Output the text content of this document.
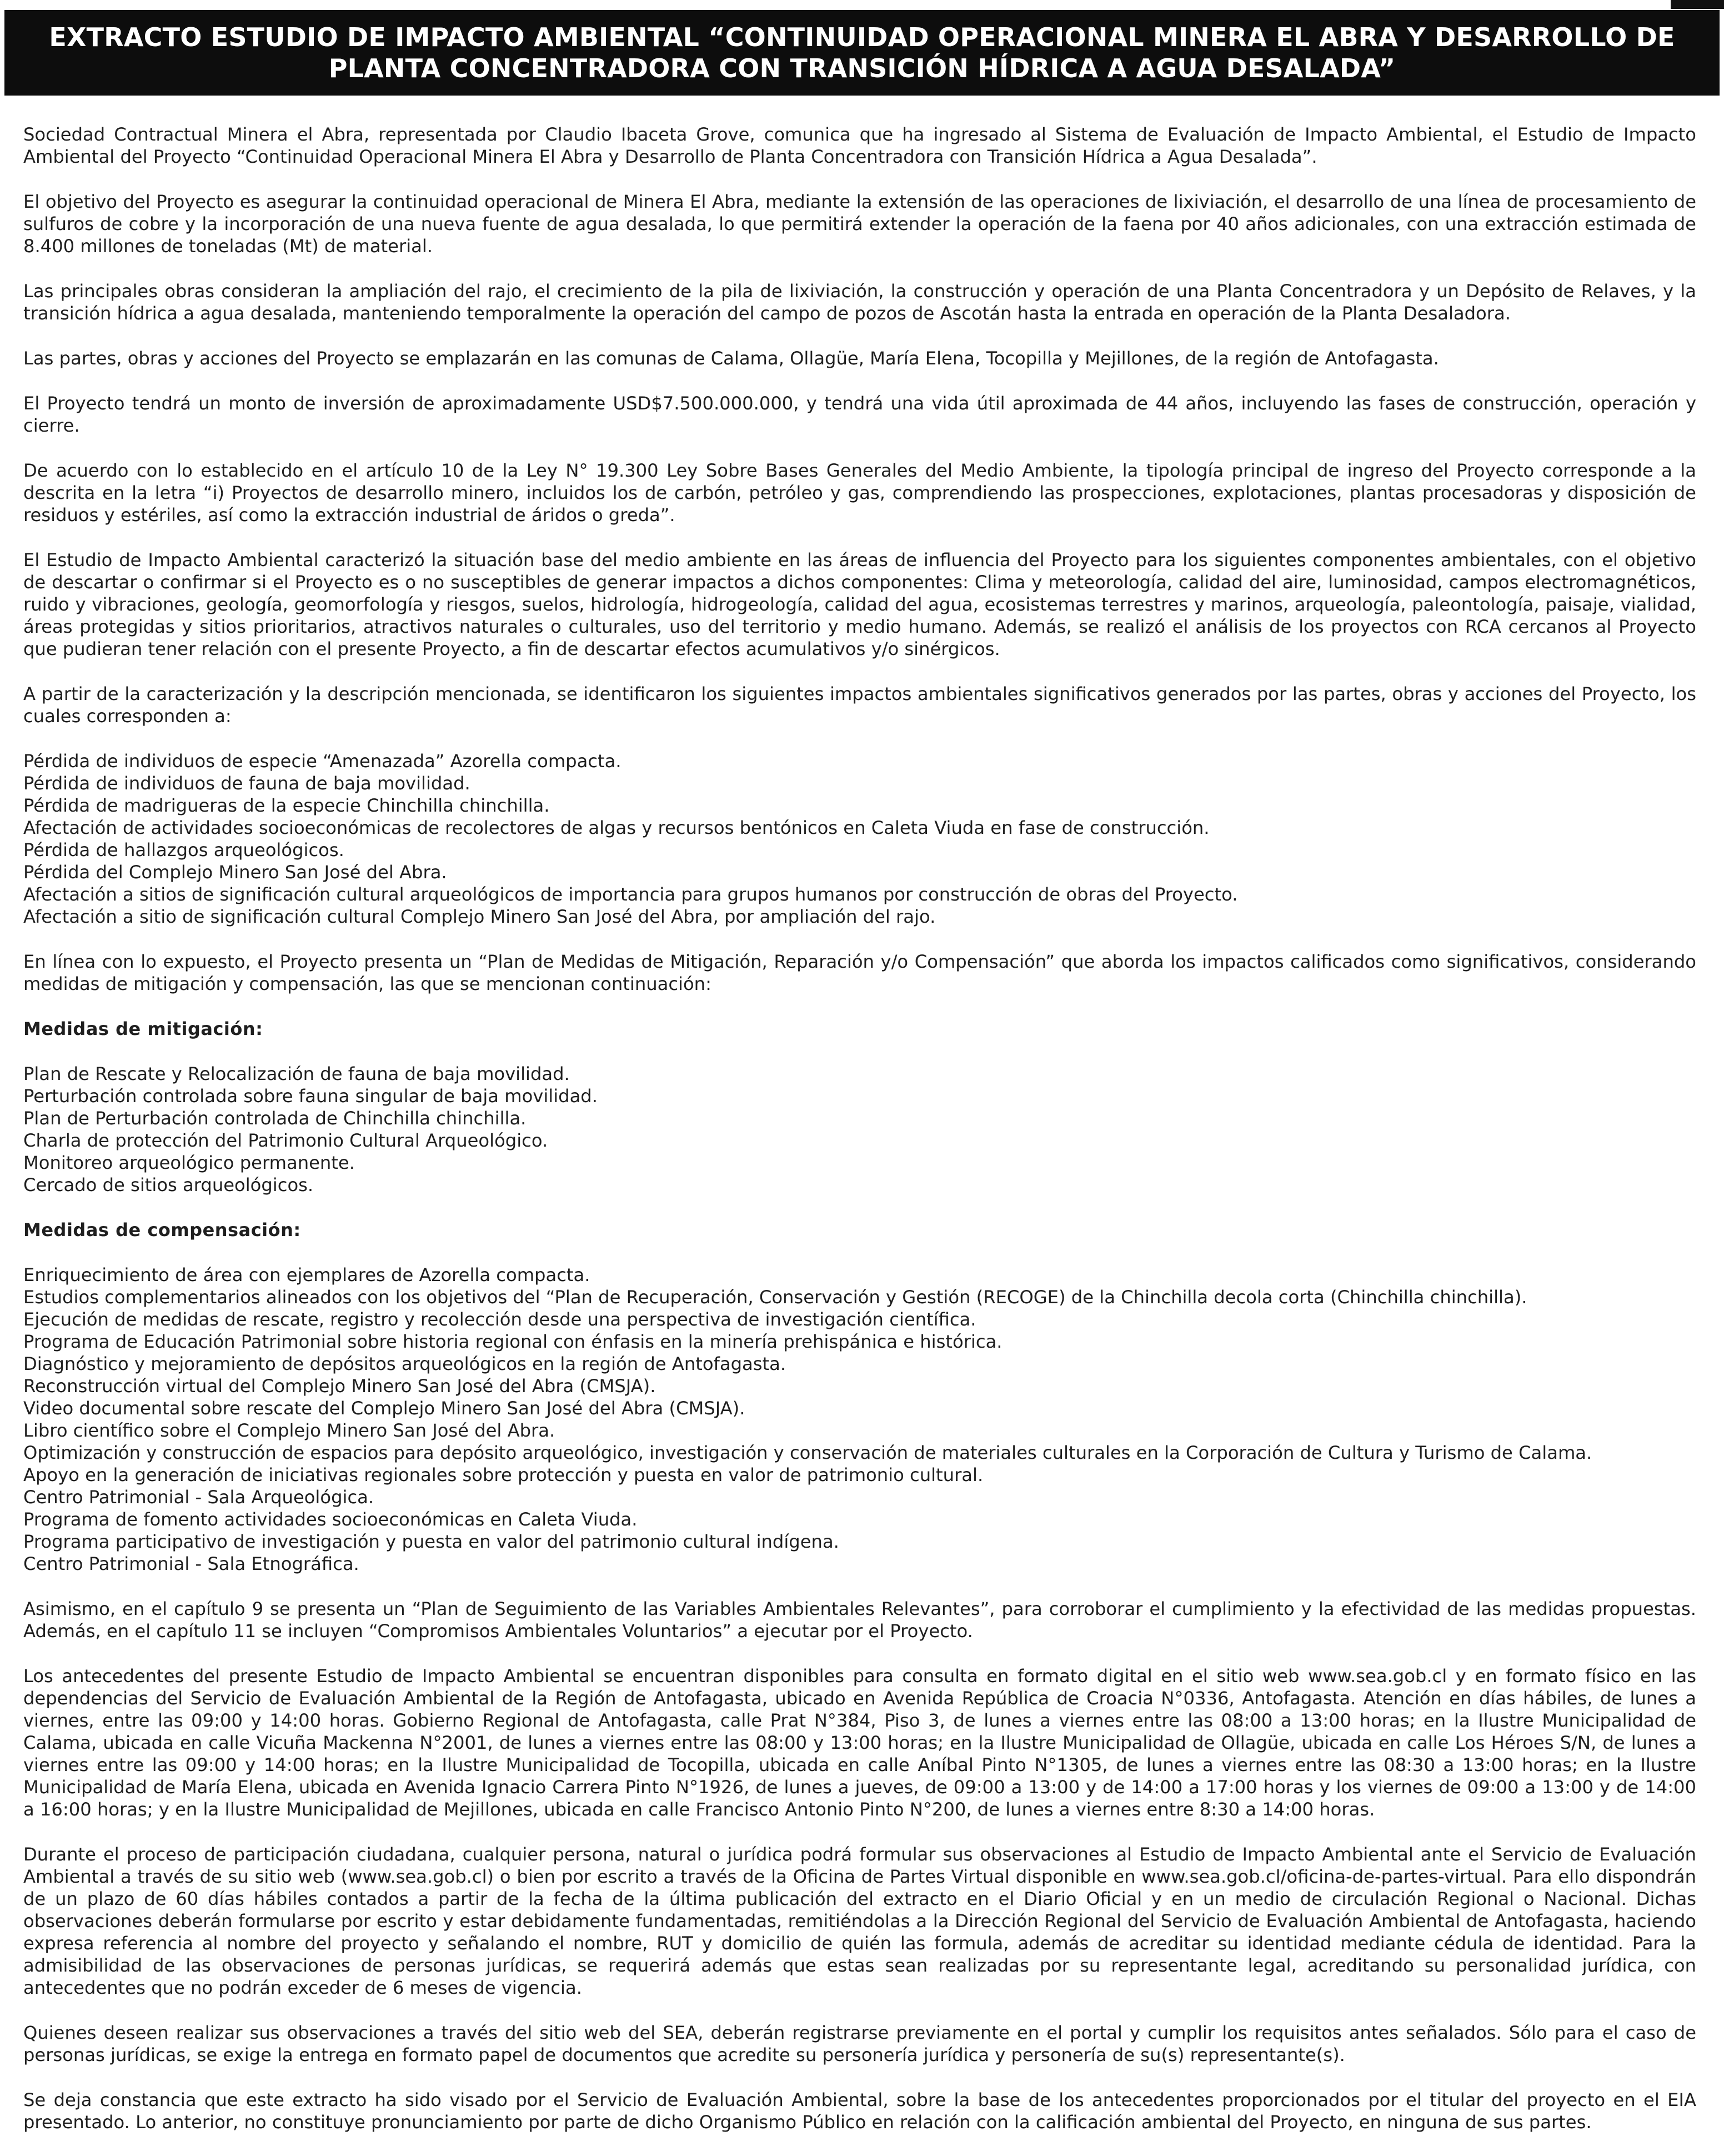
EXTRACTO ESTUDIO DE IMPACTO AMBIENTAL “CONTINUIDAD OPERACIONAL MINERA EL ABRA Y DESARROLLO DE PLANTA CONCENTRADORA CON TRANSICIÓN HÍDRICA A AGUA DESALADA”

Sociedad Contractual Minera el Abra, representada por Claudio Ibaceta Grove, comunica que ha ingresado al Sistema de Evaluación de Impacto Ambiental, el Estudio de Impacto Ambiental del Proyecto “Continuidad Operacional Minera El Abra y Desarrollo de Planta Concentradora con Transición Hídrica a Agua Desalada”.

El objetivo del Proyecto es asegurar la continuidad operacional de Minera El Abra, mediante la extensión de las operaciones de lixiviación, el desarrollo de una línea de procesamiento de sulfuros de cobre y la incorporación de una nueva fuente de agua desalada, lo que permitirá extender la operación de la faena por 40 años adicionales, con una extracción estimada de 8.400 millones de toneladas (Mt) de material.

Las principales obras consideran la ampliación del rajo, el crecimiento de la pila de lixiviación, la construcción y operación de una Planta Concentradora y un Depósito de Relaves, y la transición hídrica a agua desalada, manteniendo temporalmente la operación del campo de pozos de Ascotán hasta la entrada en operación de la Planta Desaladora.

Las partes, obras y acciones del Proyecto se emplazarán en las comunas de Calama, Ollagüe, María Elena, Tocopilla y Mejillones, de la región de Antofagasta.

El Proyecto tendrá un monto de inversión de aproximadamente USD$7.500.000.000, y tendrá una vida útil aproximada de 44 años, incluyendo las fases de construcción, operación y cierre.

De acuerdo con lo establecido en el artículo 10 de la Ley N° 19.300 Ley Sobre Bases Generales del Medio Ambiente, la tipología principal de ingreso del Proyecto corresponde a la descrita en la letra “i) Proyectos de desarrollo minero, incluidos los de carbón, petróleo y gas, comprendiendo las prospecciones, explotaciones, plantas procesadoras y disposición de residuos y estériles, así como la extracción industrial de áridos o greda”.

El Estudio de Impacto Ambiental caracterizó la situación base del medio ambiente en las áreas de influencia del Proyecto para los siguientes componentes ambientales, con el objetivo de descartar o confirmar si el Proyecto es o no susceptibles de generar impactos a dichos componentes: Clima y meteorología, calidad del aire, luminosidad, campos electromagnéticos, ruido y vibraciones, geología, geomorfología y riesgos, suelos, hidrología, hidrogeología, calidad del agua, ecosistemas terrestres y marinos, arqueología, paleontología, paisaje, vialidad, áreas protegidas y sitios prioritarios, atractivos naturales o culturales, uso del territorio y medio humano. Además, se realizó el análisis de los proyectos con RCA cercanos al Proyecto que pudieran tener relación con el presente Proyecto, a fin de descartar efectos acumulativos y/o sinérgicos.

A partir de la caracterización y la descripción mencionada, se identificaron los siguientes impactos ambientales significativos generados por las partes, obras y acciones del Proyecto, los cuales corresponden a:

Pérdida de individuos de especie “Amenazada” Azorella compacta.
Pérdida de individuos de fauna de baja movilidad.
Pérdida de madrigueras de la especie Chinchilla chinchilla.
Afectación de actividades socioeconómicas de recolectores de algas y recursos bentónicos en Caleta Viuda en fase de construcción.
Pérdida de hallazgos arqueológicos.
Pérdida del Complejo Minero San José del Abra.
Afectación a sitios de significación cultural arqueológicos de importancia para grupos humanos por construcción de obras del Proyecto.
Afectación a sitio de significación cultural Complejo Minero San José del Abra, por ampliación del rajo.

En línea con lo expuesto, el Proyecto presenta un “Plan de Medidas de Mitigación, Reparación y/o Compensación” que aborda los impactos calificados como significativos, considerando medidas de mitigación y compensación, las que se mencionan continuación:

Medidas de mitigación:
Plan de Rescate y Relocalización de fauna de baja movilidad.
Perturbación controlada sobre fauna singular de baja movilidad.
Plan de Perturbación controlada de Chinchilla chinchilla.
Charla de protección del Patrimonio Cultural Arqueológico.
Monitoreo arqueológico permanente.
Cercado de sitios arqueológicos.
Medidas de compensación:
Enriquecimiento de área con ejemplares de Azorella compacta.
Estudios complementarios alineados con los objetivos del “Plan de Recuperación, Conservación y Gestión (RECOGE) de la Chinchilla decola corta (Chinchilla chinchilla).
Ejecución de medidas de rescate, registro y recolección desde una perspectiva de investigación científica.
Programa de Educación Patrimonial sobre historia regional con énfasis en la minería prehispánica e histórica.
Diagnóstico y mejoramiento de depósitos arqueológicos en la región de Antofagasta.
Reconstrucción virtual del Complejo Minero San José del Abra (CMSJA).
Video documental sobre rescate del Complejo Minero San José del Abra (CMSJA).
Libro científico sobre el Complejo Minero San José del Abra.
Optimización y construcción de espacios para depósito arqueológico, investigación y conservación de materiales culturales en la Corporación de Cultura y Turismo de Calama.
Apoyo en la generación de iniciativas regionales sobre protección y puesta en valor de patrimonio cultural.
Centro Patrimonial - Sala Arqueológica.
Programa de fomento actividades socioeconómicas en Caleta Viuda.
Programa participativo de investigación y puesta en valor del patrimonio cultural indígena.
Centro Patrimonial - Sala Etnográfica.

Asimismo, en el capítulo 9 se presenta un “Plan de Seguimiento de las Variables Ambientales Relevantes”, para corroborar el cumplimiento y la efectividad de las medidas propuestas. Además, en el capítulo 11 se incluyen “Compromisos Ambientales Voluntarios” a ejecutar por el Proyecto.

Los antecedentes del presente Estudio de Impacto Ambiental se encuentran disponibles para consulta en formato digital en el sitio web www.sea.gob.cl y en formato físico en las dependencias del Servicio de Evaluación Ambiental de la Región de Antofagasta, ubicado en Avenida República de Croacia N°0336, Antofagasta. Atención en días hábiles, de lunes a viernes, entre las 09:00 y 14:00 horas. Gobierno Regional de Antofagasta, calle Prat N°384, Piso 3, de lunes a viernes entre las 08:00 a 13:00 horas; en la Ilustre Municipalidad de Calama, ubicada en calle Vicuña Mackenna N°2001, de lunes a viernes entre las 08:00 y 13:00 horas; en la Ilustre Municipalidad de Ollagüe, ubicada en calle Los Héroes S/N, de lunes a viernes entre las 09:00 y 14:00 horas; en la Ilustre Municipalidad de Tocopilla, ubicada en calle Aníbal Pinto N°1305, de lunes a viernes entre las 08:30 a 13:00 horas; en la Ilustre Municipalidad de María Elena, ubicada en Avenida Ignacio Carrera Pinto N°1926, de lunes a jueves, de 09:00 a 13:00 y de 14:00 a 17:00 horas y los viernes de 09:00 a 13:00 y de 14:00 a 16:00 horas; y en la Ilustre Municipalidad de Mejillones, ubicada en calle Francisco Antonio Pinto N°200, de lunes a viernes entre 8:30 a 14:00 horas.

Durante el proceso de participación ciudadana, cualquier persona, natural o jurídica podrá formular sus observaciones al Estudio de Impacto Ambiental ante el Servicio de Evaluación Ambiental a través de su sitio web (www.sea.gob.cl) o bien por escrito a través de la Oficina de Partes Virtual disponible en www.sea.gob.cl/oficina-de-partes-virtual. Para ello dispondrán de un plazo de 60 días hábiles contados a partir de la fecha de la última publicación del extracto en el Diario Oficial y en un medio de circulación Regional o Nacional. Dichas observaciones deberán formularse por escrito y estar debidamente fundamentadas, remitiéndolas a la Dirección Regional del Servicio de Evaluación Ambiental de Antofagasta, haciendo expresa referencia al nombre del proyecto y señalando el nombre, RUT y domicilio de quién las formula, además de acreditar su identidad mediante cédula de identidad. Para la admisibilidad de las observaciones de personas jurídicas, se requerirá además que estas sean realizadas por su representante legal, acreditando su personalidad jurídica, con antecedentes que no podrán exceder de 6 meses de vigencia.

Quienes deseen realizar sus observaciones a través del sitio web del SEA, deberán registrarse previamente en el portal y cumplir los requisitos antes señalados. Sólo para el caso de personas jurídicas, se exige la entrega en formato papel de documentos que acredite su personería jurídica y personería de su(s) representante(s).

Se deja constancia que este extracto ha sido visado por el Servicio de Evaluación Ambiental, sobre la base de los antecedentes proporcionados por el titular del proyecto en el EIA presentado. Lo anterior, no constituye pronunciamiento por parte de dicho Organismo Público en relación con la calificación ambiental del Proyecto, en ninguna de sus partes.
